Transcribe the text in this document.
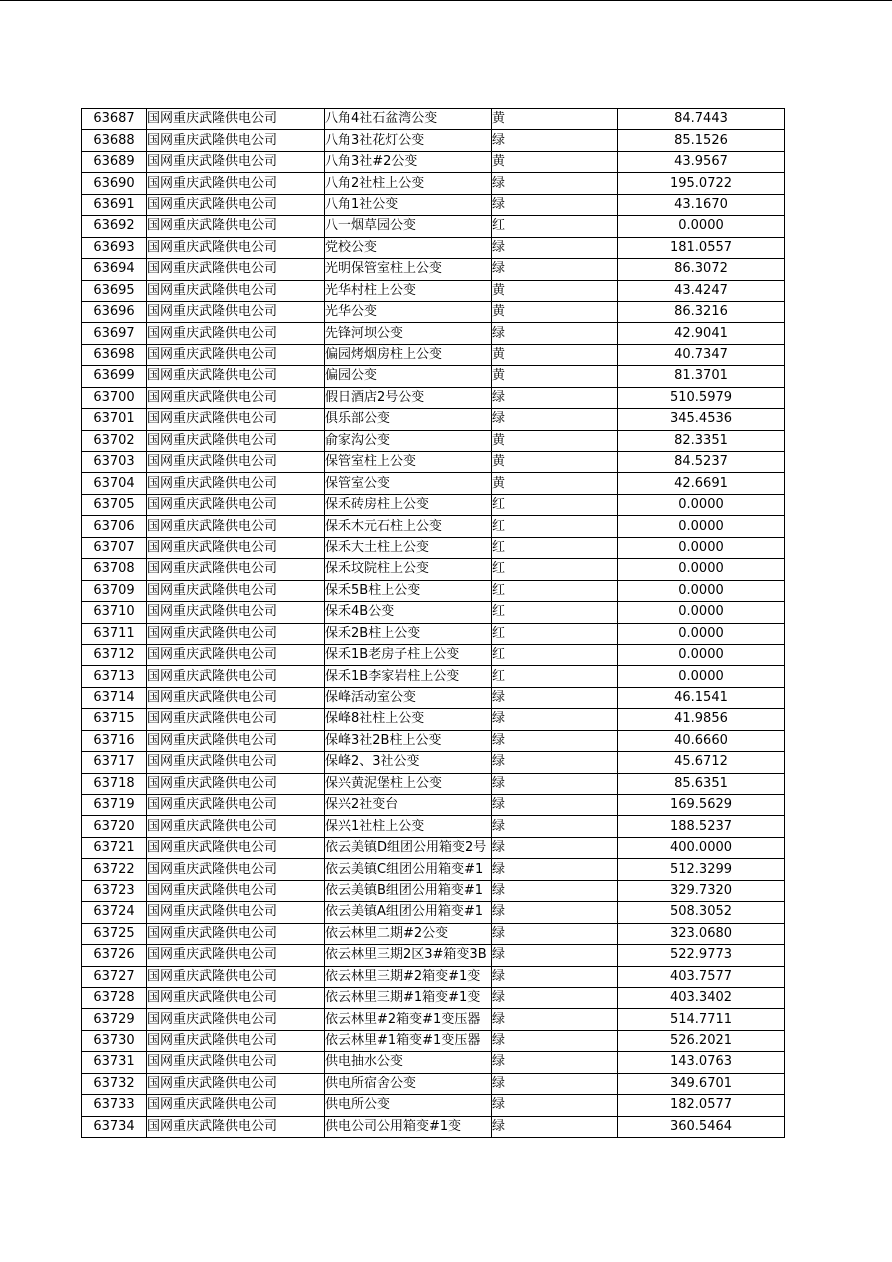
63687	国网重庆武隆供电公司	八角4社石盆湾公变	黄	84.7443
63688	国网重庆武隆供电公司	八角3社花灯公变	绿	85.1526
63689	国网重庆武隆供电公司	八角3社#2公变	黄	43.9567
63690	国网重庆武隆供电公司	八角2社柱上公变	绿	195.0722
63691	国网重庆武隆供电公司	八角1社公变	绿	43.1670
63692	国网重庆武隆供电公司	八一烟草园公变	红	0.0000
63693	国网重庆武隆供电公司	党校公变	绿	181.0557
63694	国网重庆武隆供电公司	光明保管室柱上公变	绿	86.3072
63695	国网重庆武隆供电公司	光华村柱上公变	黄	43.4247
63696	国网重庆武隆供电公司	光华公变	黄	86.3216
63697	国网重庆武隆供电公司	先锋河坝公变	绿	42.9041
63698	国网重庆武隆供电公司	偏园烤烟房柱上公变	黄	40.7347
63699	国网重庆武隆供电公司	偏园公变	黄	81.3701
63700	国网重庆武隆供电公司	假日酒店2号公变	绿	510.5979
63701	国网重庆武隆供电公司	俱乐部公变	绿	345.4536
63702	国网重庆武隆供电公司	俞家沟公变	黄	82.3351
63703	国网重庆武隆供电公司	保管室柱上公变	黄	84.5237
63704	国网重庆武隆供电公司	保管室公变	黄	42.6691
63705	国网重庆武隆供电公司	保禾砖房柱上公变	红	0.0000
63706	国网重庆武隆供电公司	保禾木元石柱上公变	红	0.0000
63707	国网重庆武隆供电公司	保禾大土柱上公变	红	0.0000
63708	国网重庆武隆供电公司	保禾坟院柱上公变	红	0.0000
63709	国网重庆武隆供电公司	保禾5B柱上公变	红	0.0000
63710	国网重庆武隆供电公司	保禾4B公变	红	0.0000
63711	国网重庆武隆供电公司	保禾2B柱上公变	红	0.0000
63712	国网重庆武隆供电公司	保禾1B老房子柱上公变	红	0.0000
63713	国网重庆武隆供电公司	保禾1B李家岩柱上公变	红	0.0000
63714	国网重庆武隆供电公司	保峰活动室公变	绿	46.1541
63715	国网重庆武隆供电公司	保峰8社柱上公变	绿	41.9856
63716	国网重庆武隆供电公司	保峰3社2B柱上公变	绿	40.6660
63717	国网重庆武隆供电公司	保峰2、3社公变	绿	45.6712
63718	国网重庆武隆供电公司	保兴黄泥堡柱上公变	绿	85.6351
63719	国网重庆武隆供电公司	保兴2社变台	绿	169.5629
63720	国网重庆武隆供电公司	保兴1社柱上公变	绿	188.5237
63721	国网重庆武隆供电公司	依云美镇D组团公用箱变2号	绿	400.0000
63722	国网重庆武隆供电公司	依云美镇C组团公用箱变#1	绿	512.3299
63723	国网重庆武隆供电公司	依云美镇B组团公用箱变#1	绿	329.7320
63724	国网重庆武隆供电公司	依云美镇A组团公用箱变#1	绿	508.3052
63725	国网重庆武隆供电公司	依云林里二期#2公变	绿	323.0680
63726	国网重庆武隆供电公司	依云林里三期2区3#箱变3B	绿	522.9773
63727	国网重庆武隆供电公司	依云林里三期#2箱变#1变	绿	403.7577
63728	国网重庆武隆供电公司	依云林里三期#1箱变#1变	绿	403.3402
63729	国网重庆武隆供电公司	依云林里#2箱变#1变压器	绿	514.7711
63730	国网重庆武隆供电公司	依云林里#1箱变#1变压器	绿	526.2021
63731	国网重庆武隆供电公司	供电抽水公变	绿	143.0763
63732	国网重庆武隆供电公司	供电所宿舍公变	绿	349.6701
63733	国网重庆武隆供电公司	供电所公变	绿	182.0577
63734	国网重庆武隆供电公司	供电公司公用箱变#1变	绿	360.5464
